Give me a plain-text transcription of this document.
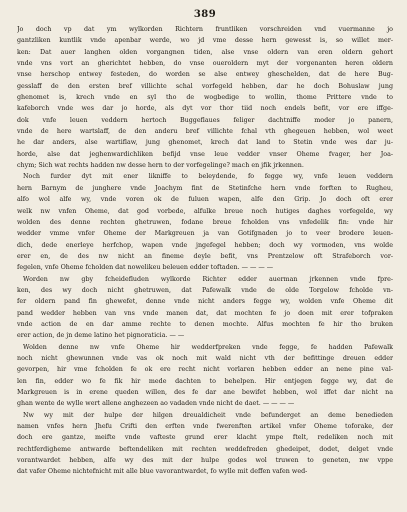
389
Jo doch vp dat ym wylkorden Richtern fruntliken vorschreiden vnd vuermanne jo
gantzliken kuntlik vnde apenbar werde, wo jd vme desse hern gewesst is, so willet mer-
ken: Dat auer langhen olden vorgangnen tiden, alse vnse oldern van eren oldern gehort
vnde vns vort an gherichtet hebben, do vnse oueroldern myt der vorgenanten heren oldern
vnse herschop entwey festeden, do worden se alse entwey gheschelden, dat de here Bug-
gesslaff de den ersten bref villichte schal vorfegeld hebben, dar he doch Bohuslaw jung
ghenomet is, krech vnde en syl tho de wogbedige to wollin, thome Prittere vnde to
kafeborch vnde wes dar jo horde, als dyt vor thor tiid noch endels befit, vor ere iffge-
dok vnfe leuen veddern hertoch Buggeflaues feliger dachtniffe moder jo panern,
vnde de here wartslaff, de den anderu bref villichte fchal vth ghegeuen hebben, wol weet
he dar anders, alse wartiflaw, jung ghenomet, krech dat land to Stetin vnde wes dar ju-
horde, alse dat jeghenwardichliken befijd vnse leue vedder vnser Oheme fvager, her Joa-
chym; Sich wat rechts hadden nw desse hern to der vorfegelinge? mach en jfik jrkennen.
Noch furder dyt mit ener likniffe to beleydende, fo fegge wy, vnfe leuen veddern
hern Barnym de junghere vnde Joachym fint de Stetinfche hern vnde forften to Rugheu,
alfo wol alfe wy, vnde voren ok de fuluen wapen, alfe den Grip. Jo doch oft erer
welk nw vnfen Oheme, dat god vorbede, alfulke breue noch hutiges daghes vorfegelde, wy
wolden des denne rechten ghetruwen, fodane breue fcholden vns vnfedelik fin: vnde hir
wedder vmme vnfer Oheme der Markgreuen ja van Gotifgnaden jo to veer brodere leuen-
dich, dede enerleye herfchop, wapen vnde jngefegel hebben; doch wy vormoden, vns wolde
erer en, de des nw nicht an fineme deyle befit, vns Prentzelow oft Strafeborch vor-
fegelen, vnfe Oheme fcholden dat nowelikeu beleuen edder toftaden. — — — —
Worden nw gby fcheidefluden wylkorde Richter edder auerman jrkennen vnde fpre-
ken, des wy doch nicht ghetruwen, dat Pafewalk vnde de olde Torgelow fcholde vn-
fer oldern pand fin ghewefet, denne vnde nicht anders fegge wy, wolden vnfe Oheme dit
pand wedder hebben van vns vnde manen dat, dat mochten fe jo doen mit erer tofpraken
vnde action de en dar amme rechte to denen mochte. Alfus mochten fe hir tho bruken
erer action, de jn deme latino het pignoraticia. — —
Wolden denne nw vnfe Oheme hir wedderfpreken vnde fegge, fe hadden Pafewalk
noch nicht ghewunnen vnde vas ok noch mit wald nicht vth der befittinge dreuen edder
gevorpen, hir vme fcholden fe ok ere recht nicht vorlaren hebben edder an nene pine val-
len fin, edder wo fe fik hir mede dachten to behelpen. Hir entjegen fegge wy, dat de
Markgreuen is in erene queden willen, des fe dar ane bewifet hebben, wol iffet dar nicht na
ghan wente de wylle wert allene anghezeen ao vadaden vnde nicht de daet. — — — —
Nw wy mit der hulpe der hilgen dreualdicheit vnde befunderget an deme benedieden
namen vnfes hern Jhefu Crifti den erften vnde fwerenften artikel vnfer Oheme toforake, der
doch ere gantze, meifte vnde vafteste grund erer klacht ympe ftelt, redeliken noch mit
rechtferdigheme antwarde beftendeliken mit rechten weddefreden ghedeipet, dodet, delget vnde
vorantwardet hebben, alfe wy des mit der hulpe godes wol truwen to geneten, nw vppe
dat vafer Oheme nichtefnicht mit alle blue vavorantwardet, fo wylle mit deffen vafen wed-
